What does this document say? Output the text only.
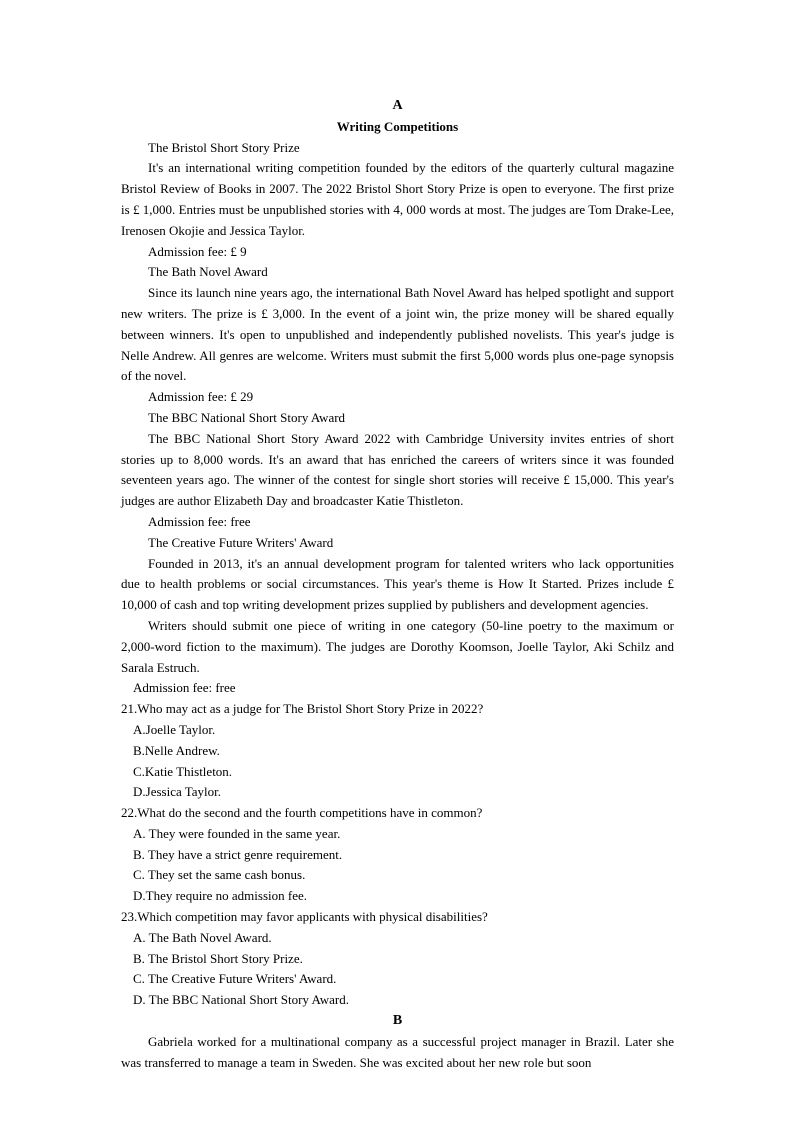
A
Writing Competitions
The Bristol Short Story Prize

It's an international writing competition founded by the editors of the quarterly cultural magazine Bristol Review of Books in 2007. The 2022 Bristol Short Story Prize is open to everyone. The first prize is £ 1,000. Entries must be unpublished stories with 4, 000 words at most. The judges are Tom Drake-Lee, Irenosen Okojie and Jessica Taylor.

Admission fee: £ 9
The Bath Novel Award

Since its launch nine years ago, the international Bath Novel Award has helped spotlight and support new writers. The prize is £ 3,000. In the event of a joint win, the prize money will be shared equally between winners. It's open to unpublished and independently published novelists. This year's judge is Nelle Andrew. All genres are welcome. Writers must submit the first 5,000 words plus one-page synopsis of the novel.

Admission fee: £ 29
The BBC National Short Story Award

The BBC National Short Story Award 2022 with Cambridge University invites entries of short stories up to 8,000 words. It's an award that has enriched the careers of writers since it was founded seventeen years ago. The winner of the contest for single short stories will receive £ 15,000. This year's judges are author Elizabeth Day and broadcaster Katie Thistleton.

Admission fee: free
The Creative Future Writers' Award

Founded in 2013, it's an annual development program for talented writers who lack opportunities due to health problems or social circumstances. This year's theme is How It Started. Prizes include £ 10,000 of cash and top writing development prizes supplied by publishers and development agencies.

Writers should submit one piece of writing in one category (50-line poetry to the maximum or 2,000-word fiction to the maximum). The judges are Dorothy Koomson, Joelle Taylor, Aki Schilz and Sarala Estruch.

Admission fee: free
21.Who may act as a judge for The Bristol Short Story Prize in 2022?
A.Joelle Taylor.
B.Nelle Andrew.
C.Katie Thistleton.
D.Jessica Taylor.
22.What do the second and the fourth competitions have in common?
A. They were founded in the same year.
B. They have a strict genre requirement.
C. They set the same cash bonus.
D.They require no admission fee.
23.Which competition may favor applicants with physical disabilities?
A. The Bath Novel Award.
B. The Bristol Short Story Prize.
C. The Creative Future Writers' Award.
D. The BBC National Short Story Award.
B

Gabriela worked for a multinational company as a successful project manager in Brazil. Later she was transferred to manage a team in Sweden. She was excited about her new role but soon
